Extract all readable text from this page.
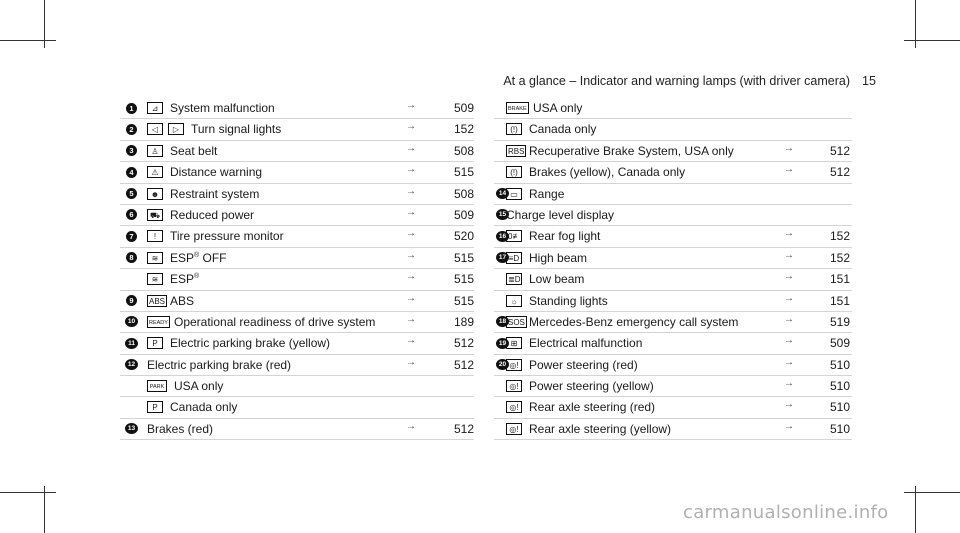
At a glance – Indicator and warning lamps (with driver camera) 15
1	⊿ System malfunction	→	509
2	◁	▷ Turn signal lights	→	152
3	♙ Seat belt	→	508
4	⚠ Distance warning	→	515
5	☻ Restraint system	→	508
6	⛟ Reduced power	→	509
7	!	Tire pressure monitor	→	520
8	≋ ESP® OFF	→	515
≋ ESP®	→	515
9	ABS ABS	→	515
10	READY Operational readiness of drive system	→	189
11	P	Electric parking brake (yellow)	→	512
12 Electric parking brake (red)	→	512
PARK USA only
P	Canada only
13 Brakes (red)	→	512
BRAKE USA only
(!) Canada only
RBS Recuperative Brake System, USA only	→	512
(!) Brakes (yellow), Canada only	→	512
14 ▭ Range
15 Charge level display
16 0≢ Rear fog light	→	152
17 ≡D High beam	→	152
≣D Low beam	→	151
☼ Standing lights	→	151
18 SOS Mercedes-Benz emergency call system	→	519
19 ⊞ Electrical malfunction	→	509
20 ◎! Power steering (red)	→	510
◎! Power steering (yellow)	→	510
◎! Rear axle steering (red)	→	510
◎! Rear axle steering (yellow)	→	510
carmanualsonline.info
